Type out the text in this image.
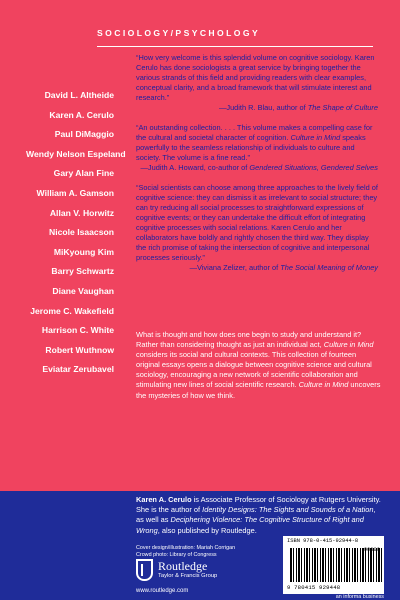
SOCIOLOGY/PSYCHOLOGY
David L. Altheide
Karen A. Cerulo
Paul DiMaggio
Wendy Nelson Espeland
Gary Alan Fine
William A. Gamson
Allan V. Horwitz
Nicole Isaacson
MiKyoung Kim
Barry Schwartz
Diane Vaughan
Jerome C. Wakefield
Harrison C. White
Robert Wuthnow
Eviatar Zerubavel
“How very welcome is this splendid volume on cognitive sociology. Karen Cerulo has done sociologists a great service by bringing together the various strands of this field and providing readers with clear examples, conceptual clarity, and a broad framework that will stimulate interest and research.”
—Judith R. Blau, author of The Shape of Culture
“An outstanding collection. . . . This volume makes a compelling case for the cultural and societal character of cognition. Culture in Mind speaks powerfully to the seamless relationship of individuals to culture and society. The volume is a fine read.”
—Judith A. Howard, co-author of Gendered Situations, Gendered Selves
“Social scientists can choose among three approaches to the lively field of cognitive science: they can dismiss it as irrelevant to social structure; they can try reducing all social processes to straightforward expressions of cognitive events; or they can undertake the difficult effort of integrating cognitive processes with social relations. Karen Cerulo and her collaborators have boldly and rightly chosen the third way. They display the rich promise of taking the intersection of cognitive and interpersonal processes seriously.”
—Viviana Zelizer, author of The Social Meaning of Money
What is thought and how does one begin to study and understand it? Rather than considering thought as just an individual act, Culture in Mind considers its social and cultural contexts. This collection of fourteen original essays opens a dialogue between cognitive science and cultural sociology, encouraging a new network of scientific collaboration and stimulating new lines of social scientific research. Culture in Mind uncovers the mysteries of how we think.
Karen A. Cerulo is Associate Professor of Sociology at Rutgers University. She is the author of Identity Designs: The Sights and Sounds of a Nation, as well as Deciphering Violence: The Cognitive Structure of Right and Wrong, also published by Routledge.
Cover design/illustration: Mariah Corrigan
Crowd photo: Library of Congress
Routledge
Taylor & Francis Group
www.routledge.com
ISBN 978-0-415-92944-8
9 780415 929448
an informa business
